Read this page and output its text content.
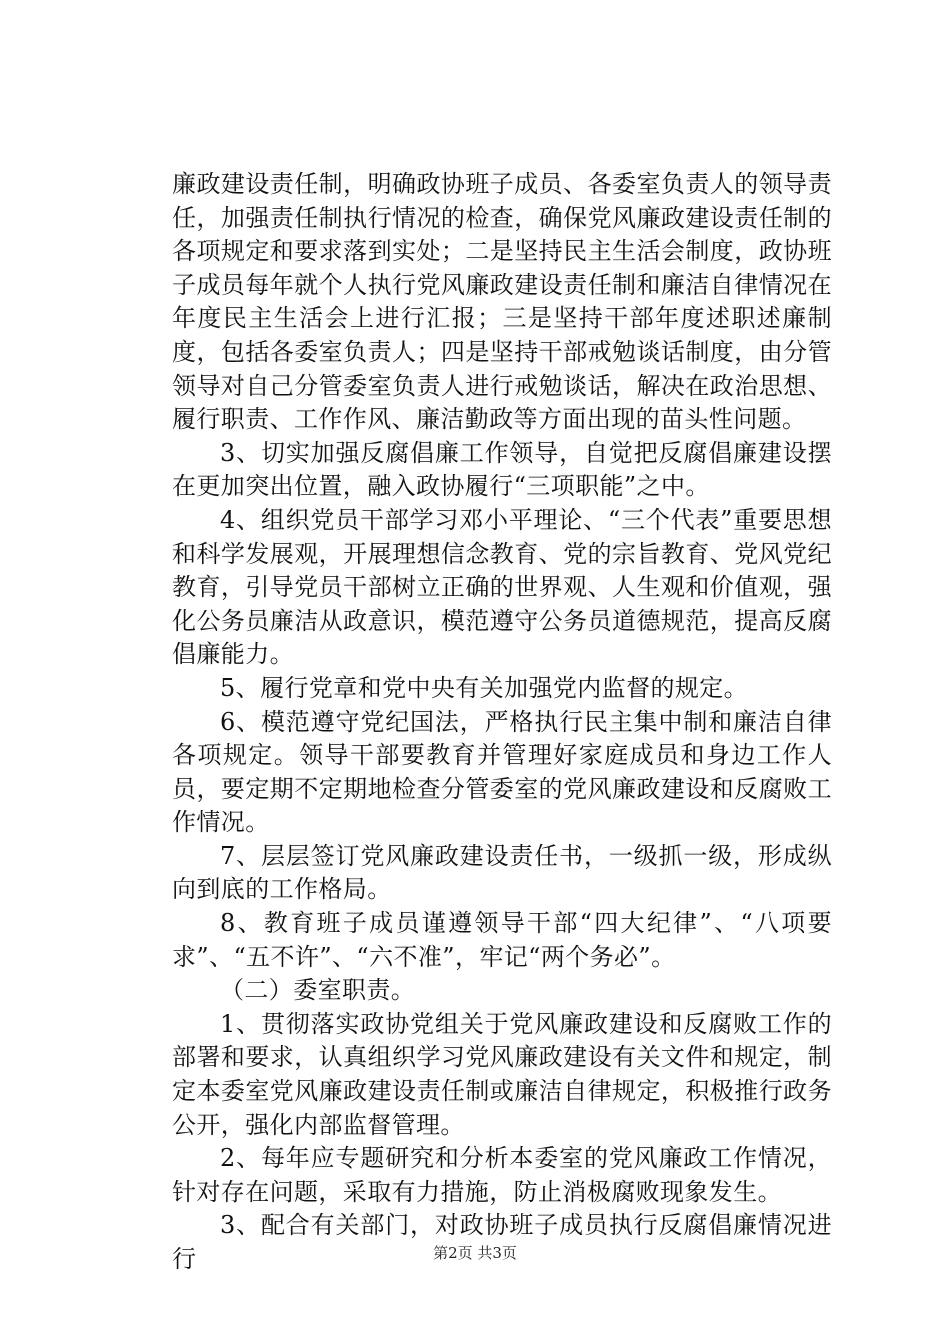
廉政建设责任制，明确政协班子成员、各委室负责人的领导责任，加强责任制执行情况的检查，确保党风廉政建设责任制的各项规定和要求落到实处；二是坚持民主生活会制度，政协班子成员每年就个人执行党风廉政建设责任制和廉洁自律情况在年度民主生活会上进行汇报；三是坚持干部年度述职述廉制度，包括各委室负责人；四是坚持干部戒勉谈话制度，由分管领导对自己分管委室负责人进行戒勉谈话，解决在政治思想、履行职责、工作作风、廉洁勤政等方面出现的苗头性问题。

3、切实加强反腐倡廉工作领导，自觉把反腐倡廉建设摆在更加突出位置，融入政协履行“三项职能”之中。

4、组织党员干部学习邓小平理论、“三个代表”重要思想和科学发展观，开展理想信念教育、党的宗旨教育、党风党纪教育，引导党员干部树立正确的世界观、人生观和价值观，强化公务员廉洁从政意识，模范遵守公务员道德规范，提高反腐倡廉能力。

5、履行党章和党中央有关加强党内监督的规定。

6、模范遵守党纪国法，严格执行民主集中制和廉洁自律各项规定。领导干部要教育并管理好家庭成员和身边工作人员，要定期不定期地检查分管委室的党风廉政建设和反腐败工作情况。

7、层层签订党风廉政建设责任书，一级抓一级，形成纵向到底的工作格局。

8、教育班子成员谨遵领导干部“四大纪律”、“八项要求”、“五不许”、“六不准”，牢记“两个务必”。

（二）委室职责。

1、贯彻落实政协党组关于党风廉政建设和反腐败工作的部署和要求，认真组织学习党风廉政建设有关文件和规定，制定本委室党风廉政建设责任制或廉洁自律规定，积极推行政务公开，强化内部监督管理。

2、每年应专题研究和分析本委室的党风廉政工作情况，针对存在问题，采取有力措施，防止消极腐败现象发生。

3、配合有关部门，对政协班子成员执行反腐倡廉情况进行	第2页 共3页
